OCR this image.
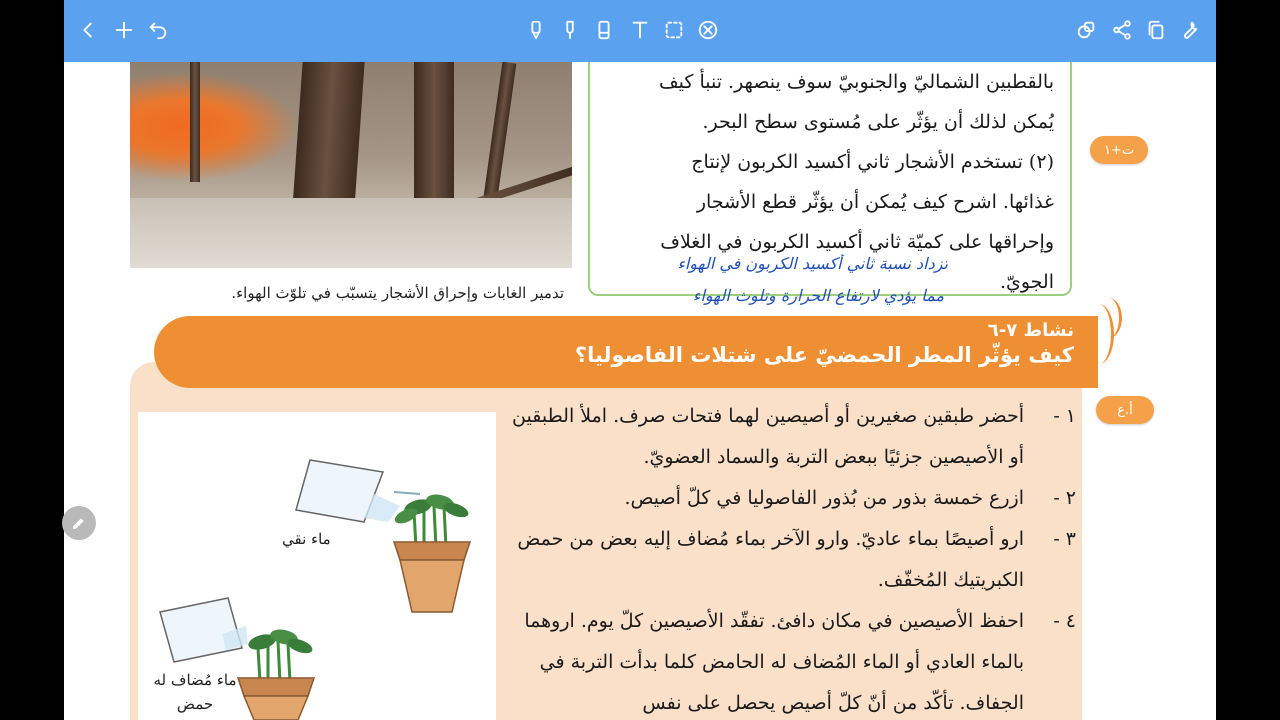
تدمير الغابات وإحراق الأشجار يتسبّب في تلوّث الهواء.
بالقطبين الشماليّ والجنوبيّ سوف ينصهر. تنبأ كيف
يُمكن لذلك أن يؤثّر على مُستوى سطح البحر.
(٢) تستخدم الأشجار ثاني أكسيد الكربون لإنتاج
غذائها. اشرح كيف يُمكن أن يؤثّر قطع الأشجار
وإحراقها على كميّة ثاني أكسيد الكربون في الغلاف
الجويّ.
تزداد نسبة ثاني أكسيد الكربون في الهواء
مما يؤدي لارتفاع الحرارة وتلوث الهواء
ت+١
نشاط ٧-٦
كيف يؤثّر المطر الحمضيّ على شتلات الفاصوليا؟
أ.ع
ماء نقي
ماء مُضاف له حمض
١ -
أحضر طبقين صغيرين أو أصيصين لهما فتحات صرف. املأ الطبقين أو الأصيصين جزئيًا ببعض التربة والسماد العضويّ.
٢ -
ازرع خمسة بذور من بُذور الفاصوليا في كلّ أصيص.
٣ -
ارو أصيصًا بماء عاديّ. وارو الآخر بماء مُضاف إليه بعض من حمض الكبريتيك المُخفّف.
٤ -
احفظ الأصيصين في مكان دافئ. تفقّد الأصيصين كلّ يوم. اروهما بالماء العادي أو الماء المُضاف له الحامض كلما بدأت التربة في الجفاف. تأكّد من أنّ كلّ أصيص يحصل على نفس
